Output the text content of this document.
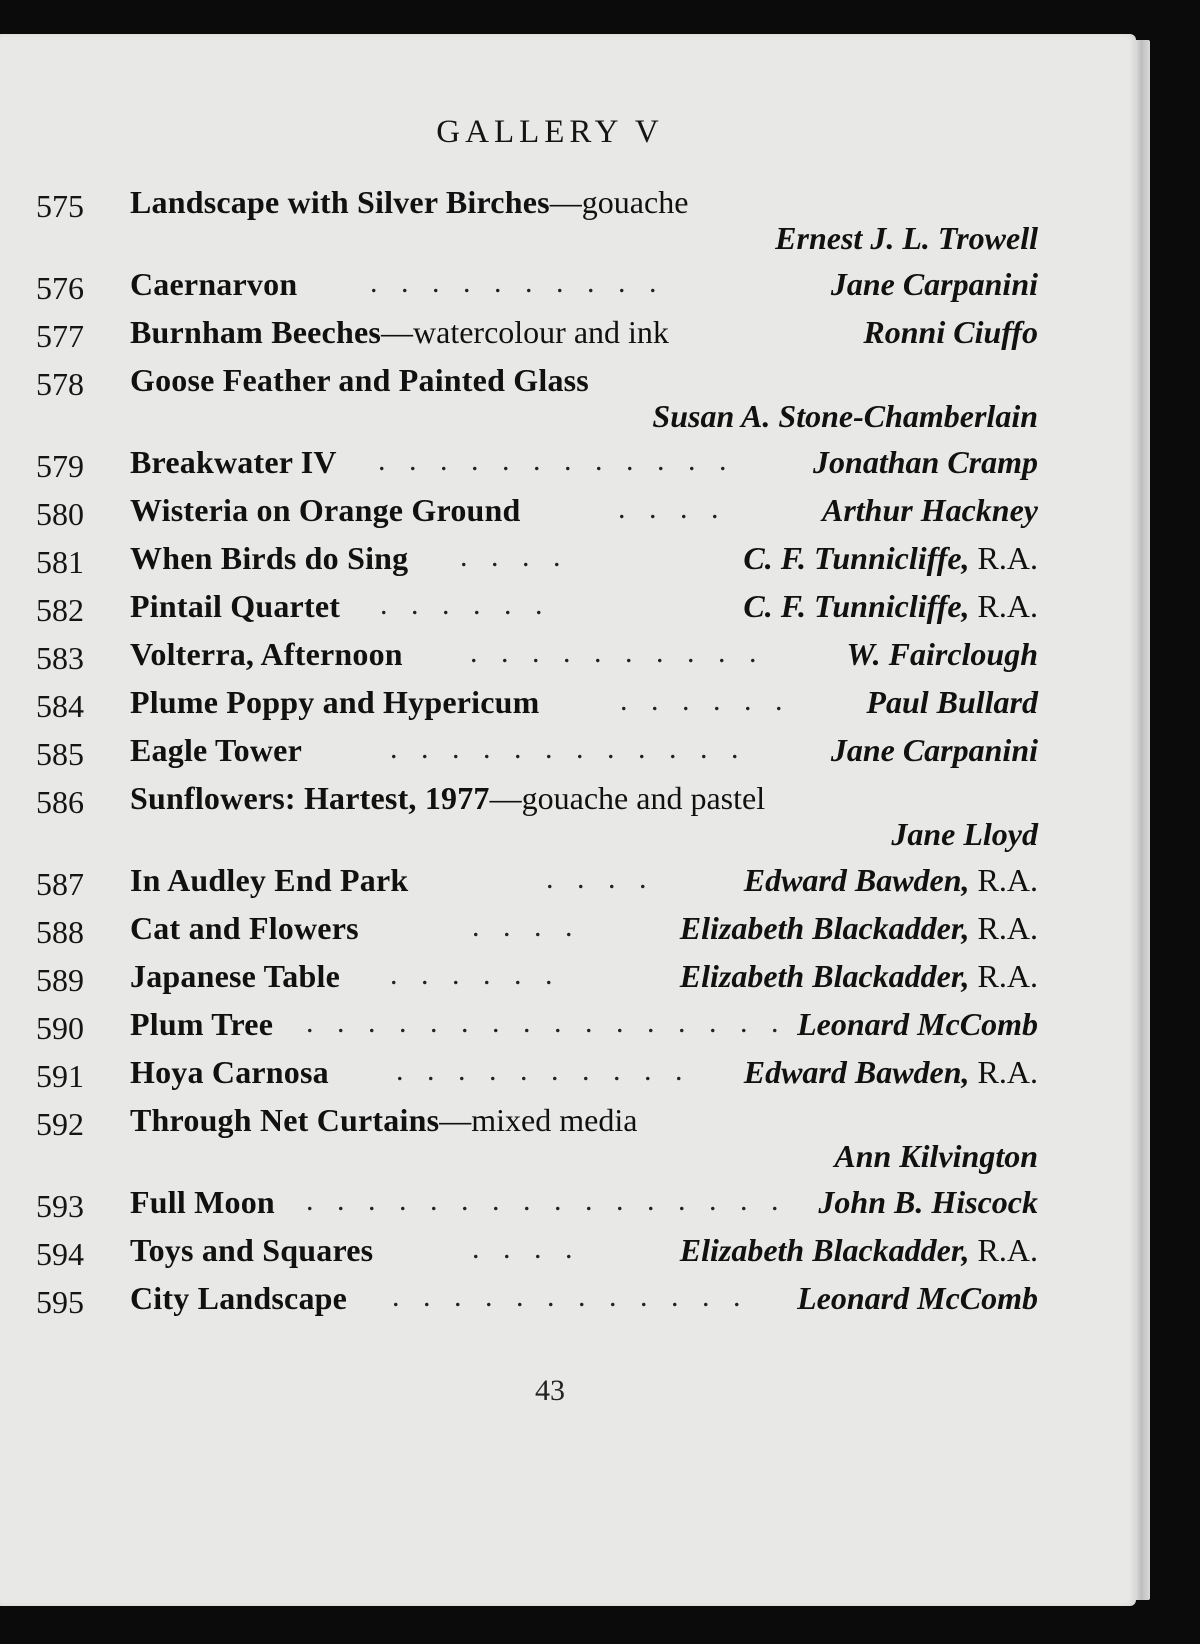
GALLERY V
575 Landscape with Silver Birches—gouache
Ernest J. L. Trowell
576 Caernarvon . . . . . . . . . .	Jane Carpanini
577 Burnham Beeches—watercolour and ink	Ronni Ciuffo
578 Goose Feather and Painted Glass
Susan A. Stone-Chamberlain
579 Breakwater IV . . . . . . . . . . . . Jonathan Cramp
580 Wisteria on Orange Ground	. . . .	Arthur Hackney
581 When Birds do Sing . . . .	C. F. Tunnicliffe, R.A.
582 Pintail Quartet . . . . . .	C. F. Tunnicliffe, R.A.
583 Volterra, Afternoon . . . . . . . . . .	W. Fairclough
584 Plume Poppy and Hypericum	. . . . . . Paul Bullard
585 Eagle Tower	. . . . . . . . . . . .	Jane Carpanini
586 Sunflowers: Hartest, 1977—gouache and pastel
Jane Lloyd
587 In Audley End Park	. . . .	Edward Bawden, R.A.
588 Cat and Flowers	. . . .	Elizabeth Blackadder, R.A.
589 Japanese Table . . . . . .	Elizabeth Blackadder, R.A.
590 Plum Tree . . . . . . . . . . . . . . . . Leonard McComb
591 Hoya Carnosa . . . . . . . . . . Edward Bawden, R.A.
592 Through Net Curtains—mixed media
Ann Kilvington
593 Full Moon . . . . . . . . . . . . . . . . John B. Hiscock
594 Toys and Squares	. . . .	Elizabeth Blackadder, R.A.
595 City Landscape . . . . . . . . . . . . Leonard McComb
43
